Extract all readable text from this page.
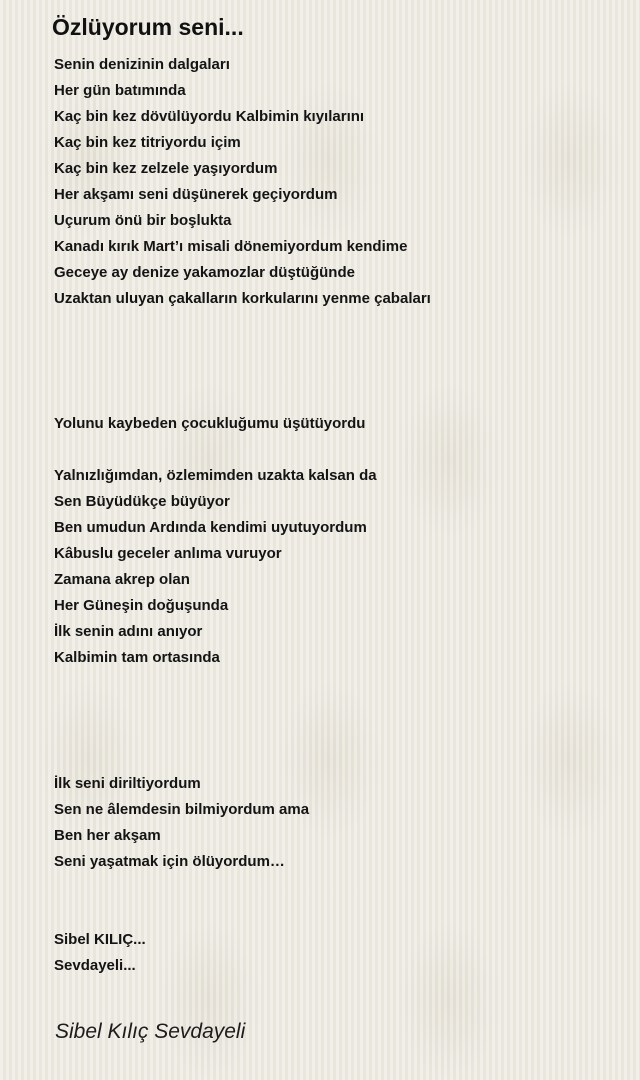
Özlüyorum seni...
Senin denizinin dalgaları
Her gün batımında
Kaç bin kez dövülüyordu Kalbimin kıyılarını
Kaç bin kez titriyordu içim
Kaç bin kez zelzele yaşıyordum
Her akşamı seni düşünerek geçiyordum
Uçurum önü bir boşlukta
Kanadı kırık Mart’ı misali dönemiyordum kendime
Geceye ay denize yakamozlar düştüğünde
Uzaktan uluyan çakalların korkularını yenme çabaları
Yolunu kaybeden çocukluğumu üşütüyordu
Yalnızlığımdan, özlemimden uzakta kalsan da
Sen Büyüdükçe büyüyor
Ben umudun Ardında kendimi uyutuyordum
Kâbuslu geceler anlıma vuruyor
Zamana akrep olan
Her Güneşin doğuşunda
İlk senin adını anıyor
Kalbimin tam ortasında
İlk seni diriltiyordum
Sen ne âlemdesin bilmiyordum ama
Ben her akşam
Seni yaşatmak için ölüyordum…
Sibel KILIÇ...
Sevdayeli...

Sibel Kılıç Sevdayeli
